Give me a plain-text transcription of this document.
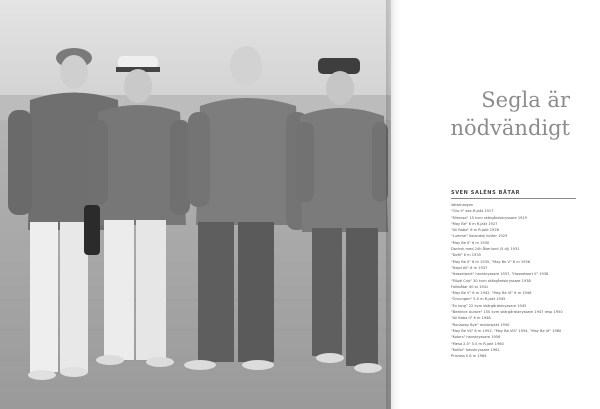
Segla är nödvändigt
SVEN SALÉNS BÅTAR
Vattenorgan
"Clio II" sex-R-jakt 1917
"Mimosa" 15 kvm skärgårdskryssare 1919
"May Be" 6 m R-jakt 1927
"Ali Baba" 6 m R-jakt 1928
"Lumme" Solandsk kutter 1929
"May Be II" 6 m 1930
Dachsh med 24h Åkerlund (5 dj) 1931
"Dofil" 6 m 1935
"May Be II" 6 m 1935, "May Be V" 6 m 1936
"Hajal Ali" 6 m 1937
"Hasselwert" havskryssare 1937, "Hasselwert II" 1938
"Filipé Crip" 30 kvm skärgårdskryssare 1938
Folkbåtar 40 st 1941
"May Be V" 6 m 1942, "May Be VI" 6 m 1946
"Örnungen" 5.5 m R-jakt 1945
"Ex long" 22 kvm skärgårdskryssare 1945
"Beatrice Aurore" 150 kvm skärgårdskryssare 1947 resp 1950
"Ali Baba II" 6 m 1948
"Runaway Bye" motorsjakt 1950
"May Be VII" 6 m 1952, "May Be VIII" 1954, "May Be IX" 1960
"Kolors" havskryssare 1956
"Mesa 2.0" 5.5 m R-jakt 1960
"Kollisi" havskryssare 1961
Pricross II 6 m 1964
